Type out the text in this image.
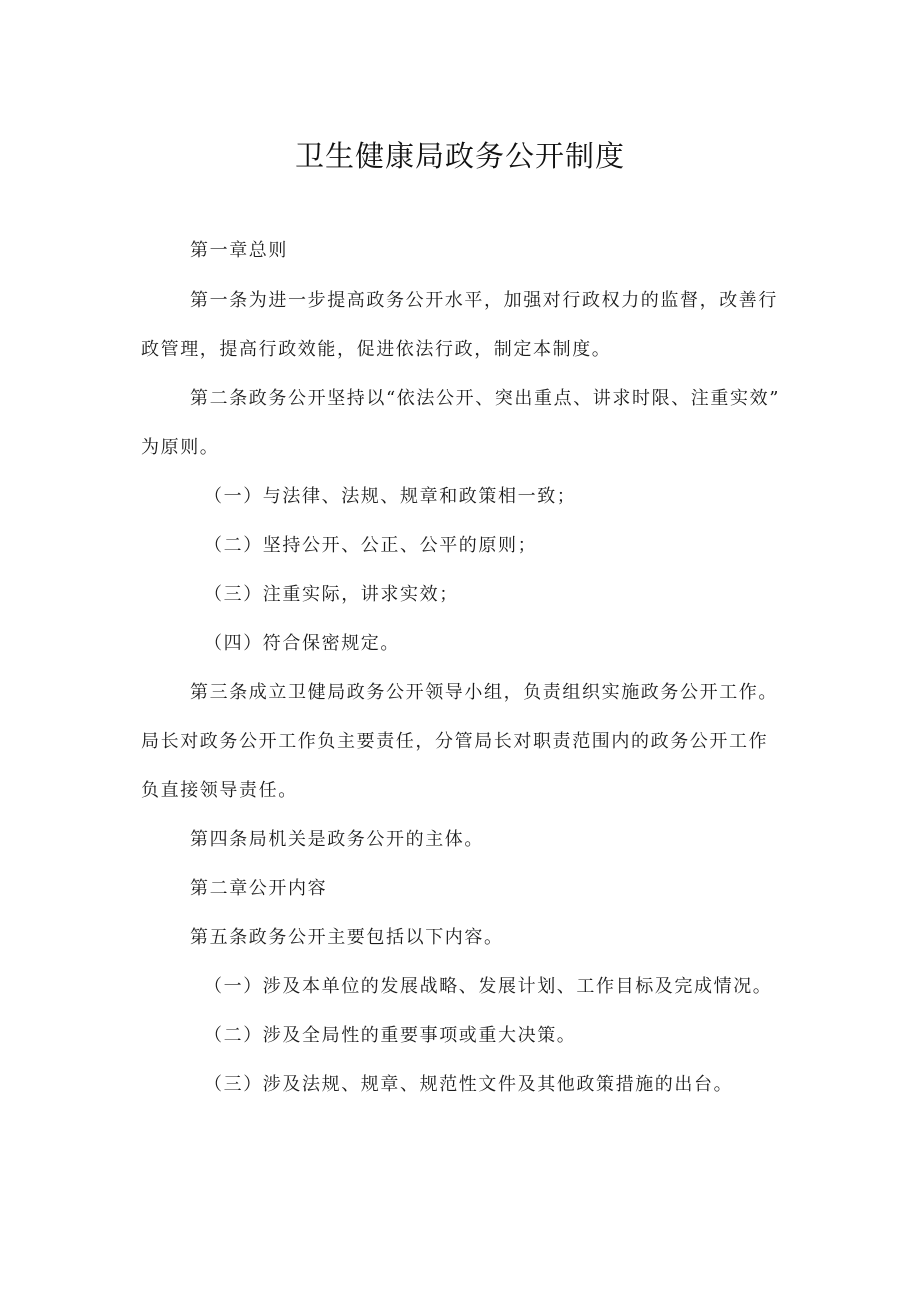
卫生健康局政务公开制度

第一章总则

第一条为进一步提高政务公开水平，加强对行政权力的监督，改善行

政管理，提高行政效能，促进依法行政，制定本制度。

第二条政务公开坚持以“依法公开、突出重点、讲求时限、注重实效”

为原则。

（一）与法律、法规、规章和政策相一致；

（二）坚持公开、公正、公平的原则；

（三）注重实际，讲求实效；

（四）符合保密规定。

第三条成立卫健局政务公开领导小组，负责组织实施政务公开工作。

局长对政务公开工作负主要责任，分管局长对职责范围内的政务公开工作

负直接领导责任。

第四条局机关是政务公开的主体。

第二章公开内容

第五条政务公开主要包括以下内容。

（一）涉及本单位的发展战略、发展计划、工作目标及完成情况。

（二）涉及全局性的重要事项或重大决策。

（三）涉及法规、规章、规范性文件及其他政策措施的出台。
